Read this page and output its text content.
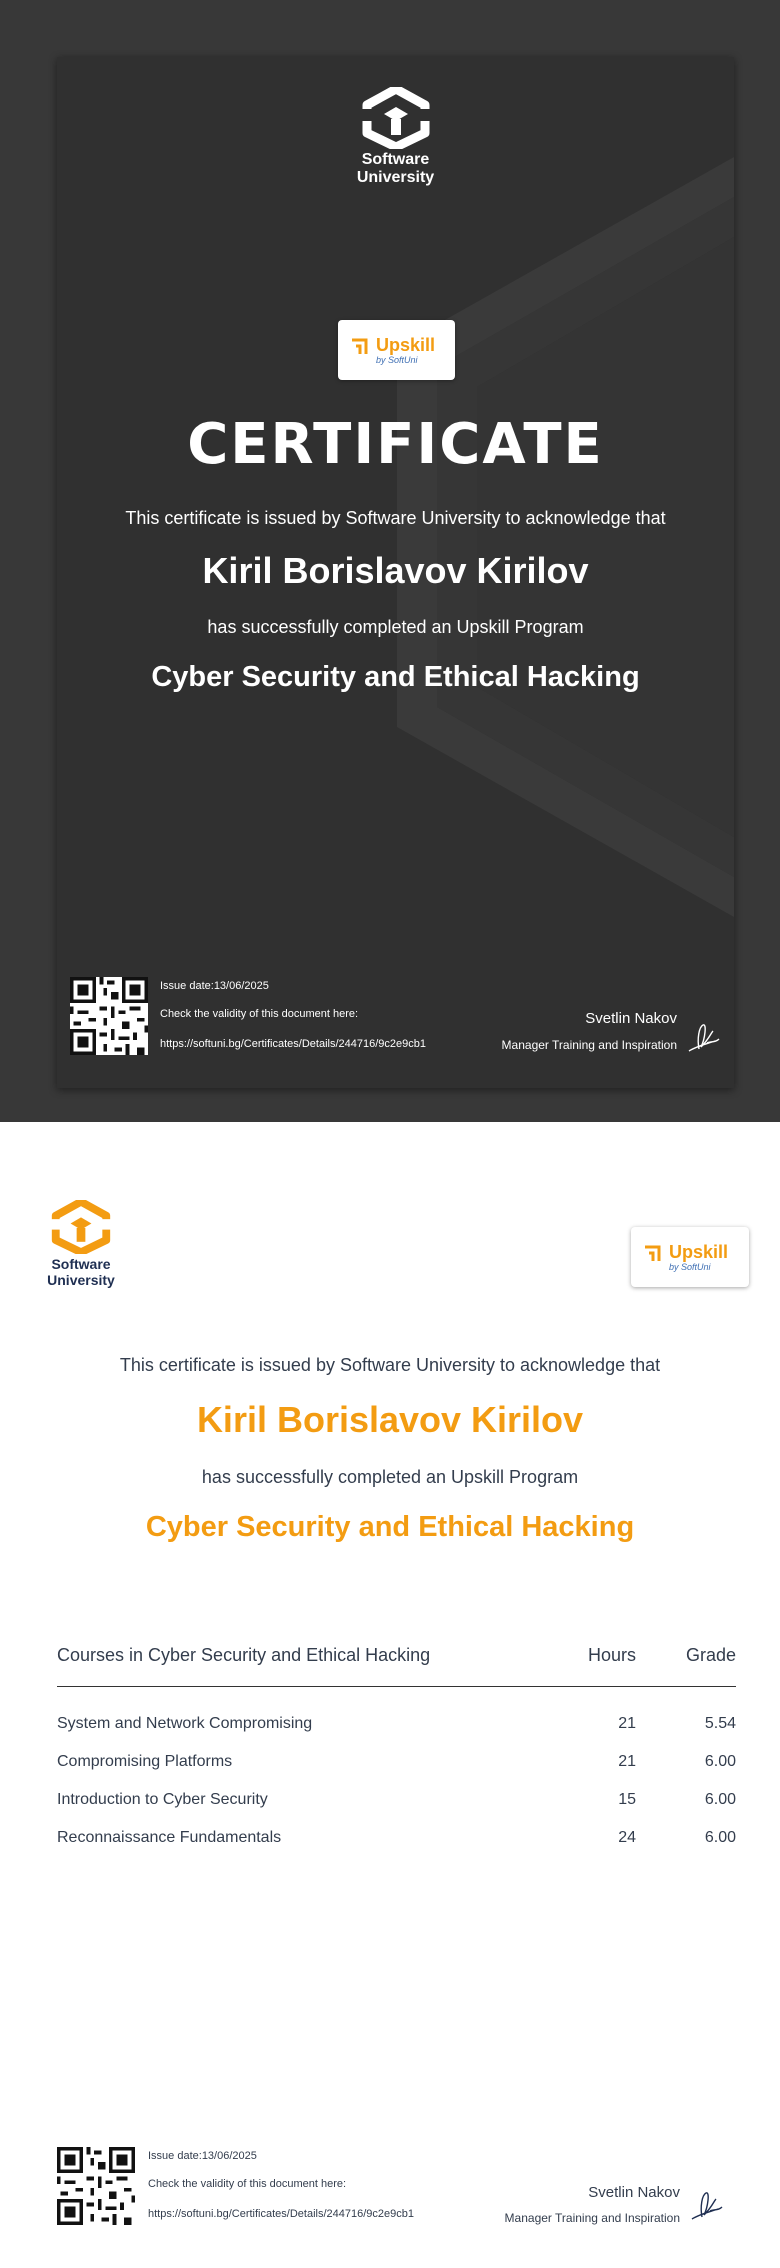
Software
University
Upskill
by SoftUni
CERTIFICATE
This certificate is issued by Software University to acknowledge that
Kiril Borislavov Kirilov
has successfully completed an Upskill Program
Cyber Security and Ethical Hacking
Issue date:13/06/2025
Check the validity of this document here:
https://softuni.bg/Certificates/Details/244716/9c2e9cb1
Svetlin Nakov
Manager Training and Inspiration
Software
University
Upskill
by SoftUni
This certificate is issued by Software University to acknowledge that
Kiril Borislavov Kirilov
has successfully completed an Upskill Program
Cyber Security and Ethical Hacking
Courses in Cyber Security and Ethical Hacking	Hours	Grade
System and Network Compromising	21	5.54
Compromising Platforms	21	6.00
Introduction to Cyber Security	15	6.00
Reconnaissance Fundamentals	24	6.00
Issue date:13/06/2025
Check the validity of this document here:
https://softuni.bg/Certificates/Details/244716/9c2e9cb1
Svetlin Nakov
Manager Training and Inspiration
